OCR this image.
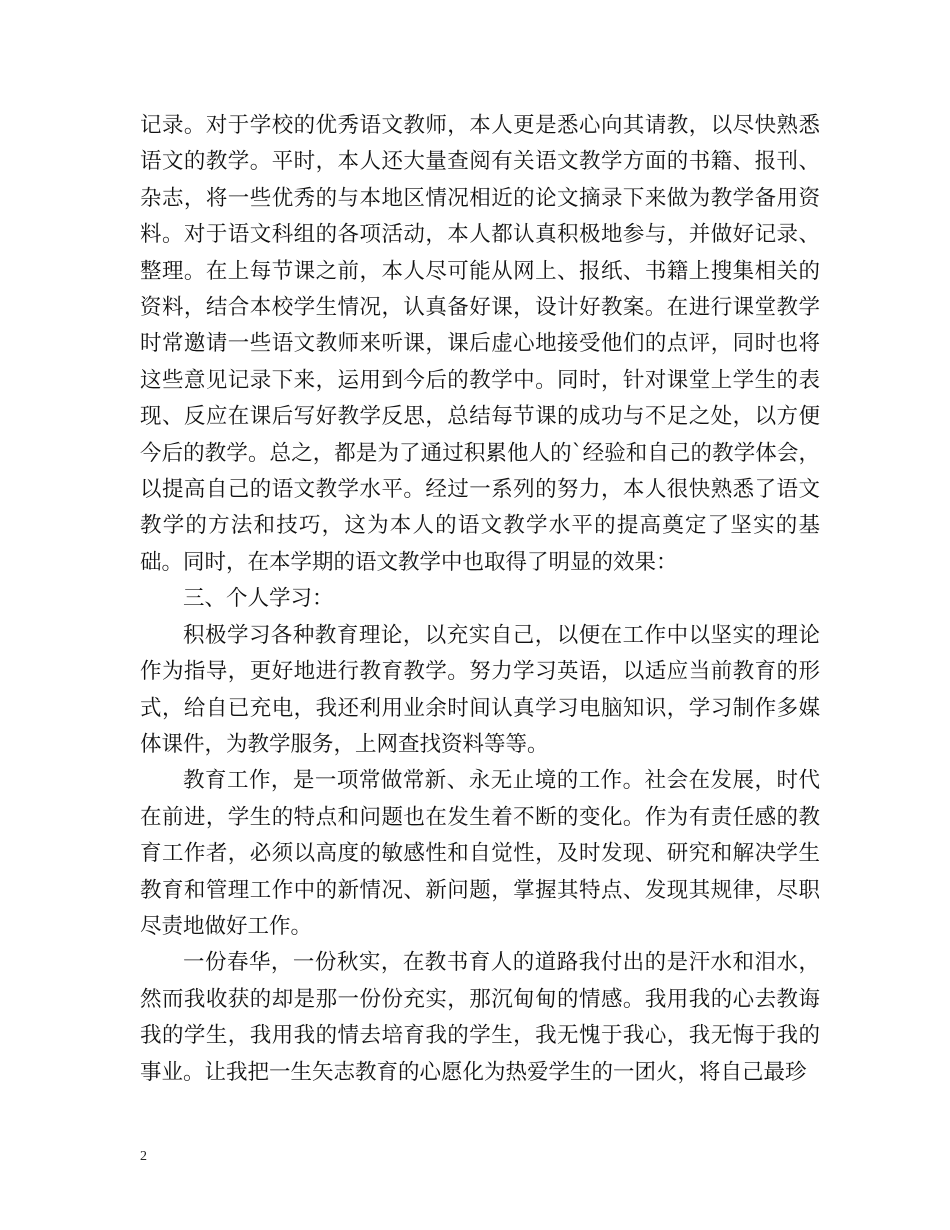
记录。对于学校的优秀语文教师，本人更是悉心向其请教，以尽快熟悉语文的教学。平时，本人还大量查阅有关语文教学方面的书籍、报刊、杂志，将一些优秀的与本地区情况相近的论文摘录下来做为教学备用资料。对于语文科组的各项活动，本人都认真积极地参与，并做好记录、整理。在上每节课之前，本人尽可能从网上、报纸、书籍上搜集相关的资料，结合本校学生情况，认真备好课，设计好教案。在进行课堂教学时常邀请一些语文教师来听课，课后虚心地接受他们的点评，同时也将这些意见记录下来，运用到今后的教学中。同时，针对课堂上学生的表现、反应在课后写好教学反思，总结每节课的成功与不足之处，以方便今后的教学。总之，都是为了通过积累他人的`经验和自己的教学体会，以提高自己的语文教学水平。经过一系列的努力，本人很快熟悉了语文教学的方法和技巧，这为本人的语文教学水平的提高奠定了坚实的基础。同时，在本学期的语文教学中也取得了明显的效果：

三、个人学习：

积极学习各种教育理论，以充实自己，以便在工作中以坚实的理论作为指导，更好地进行教育教学。努力学习英语，以适应当前教育的形式，给自已充电，我还利用业余时间认真学习电脑知识，学习制作多媒体课件，为教学服务，上网查找资料等等。

教育工作，是一项常做常新、永无止境的工作。社会在发展，时代在前进，学生的特点和问题也在发生着不断的变化。作为有责任感的教育工作者，必须以高度的敏感性和自觉性，及时发现、研究和解决学生教育和管理工作中的新情况、新问题，掌握其特点、发现其规律，尽职尽责地做好工作。

一份春华，一份秋实，在教书育人的道路我付出的是汗水和泪水，然而我收获的却是那一份份充实，那沉甸甸的情感。我用我的心去教诲我的学生，我用我的情去培育我的学生，我无愧于我心，我无悔于我的事业。让我把一生矢志教育的心愿化为热爱学生的一团火，将自己最珍

2
